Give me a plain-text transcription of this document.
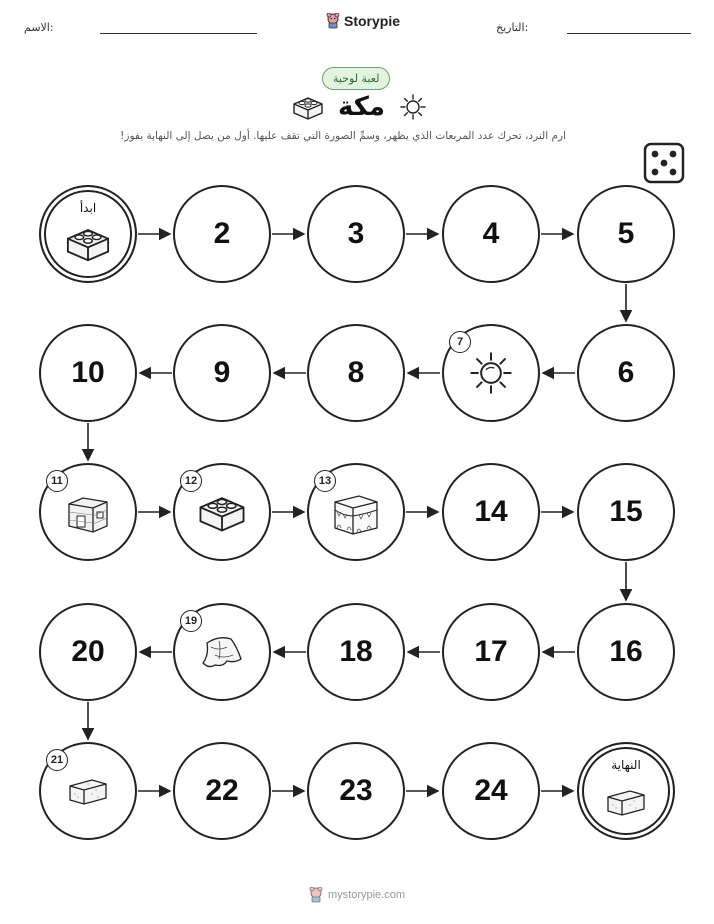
الاسم:	Storypie	التاريخ:
لعبة لوحية
مكة
ارم النرد، تحرك عدد المربعات الذي يظهر، وسمِّ الصورة التي تقف عليها. أول من يصل إلى النهاية يفوز!
ابدأ
2	3	4	5
10	9	8
7
6
11	12	13
14	15
20
19
18	17	16
21
22	23	24
النهاية
mystorypie.com
